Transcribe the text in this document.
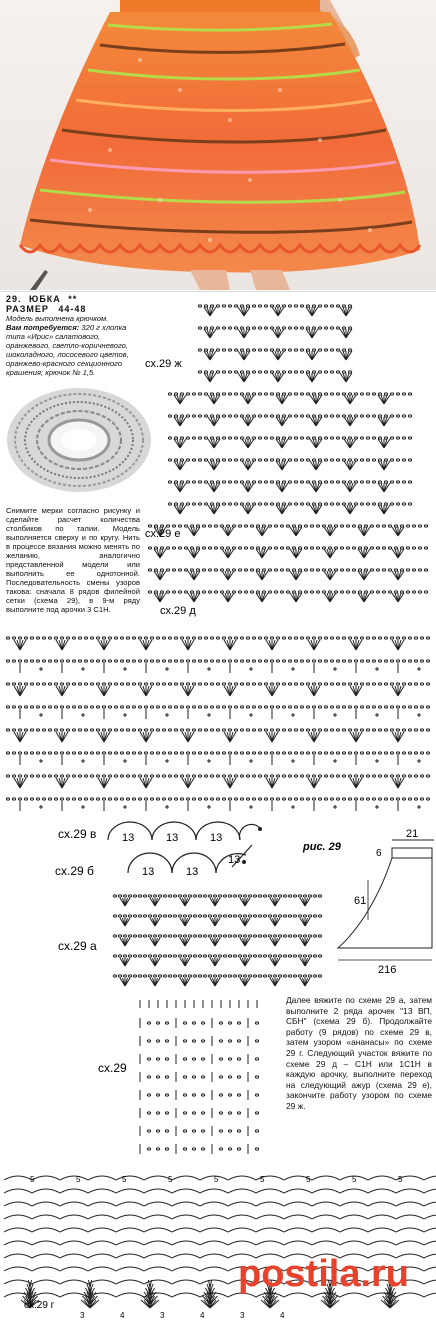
29. ЮБКА **
РАЗМЕР 44-48
Модель выполнена крючком.
Вам потребуется: 320 г хлопка типа «Ирис» салатового, оранжевого, светло-коричневого, шоколадного, лососевого цветов, оранжево-красного секционного крашения; крючок № 1,5.
Снимите мерки согласно рисунку и сделайте расчет количества столбиков по талии. Модель выполняется сверху и по кругу. Нить в процессе вязания можно менять по желанию, аналогично представленной модели или выполнить ее однотонной. Последовательность смены узоров такова: сначала 8 рядов филейной сетки (схема 29), в 9-м ряду выполните под арочки 3 С1Н.
сх.29 ж
сх.29 е
сх.29 д
сх.29 в
сх.29 б
13	13	13
13	13
13
рис. 29
21
6
61
216
сх.29 а
сх.29
Далее вяжите по схеме 29 а, затем выполните 2 ряда арочек "13 ВП, СБН" (схема 29 б). Продолжайте работу (9 рядов) по схеме 29 в, затем узором «ананасы» по схеме 29 г. Следующий участок вяжите по схеме 29 д – С1Н или 1С1Н в каждую арочку, выполните переход на следующий ажур (схема 29 е), закончите работу узором по схеме 29 ж.
5	5	5	5	5	5	5	5	5
3	4	3	4	3	4
сх.29 г
postila.ru
